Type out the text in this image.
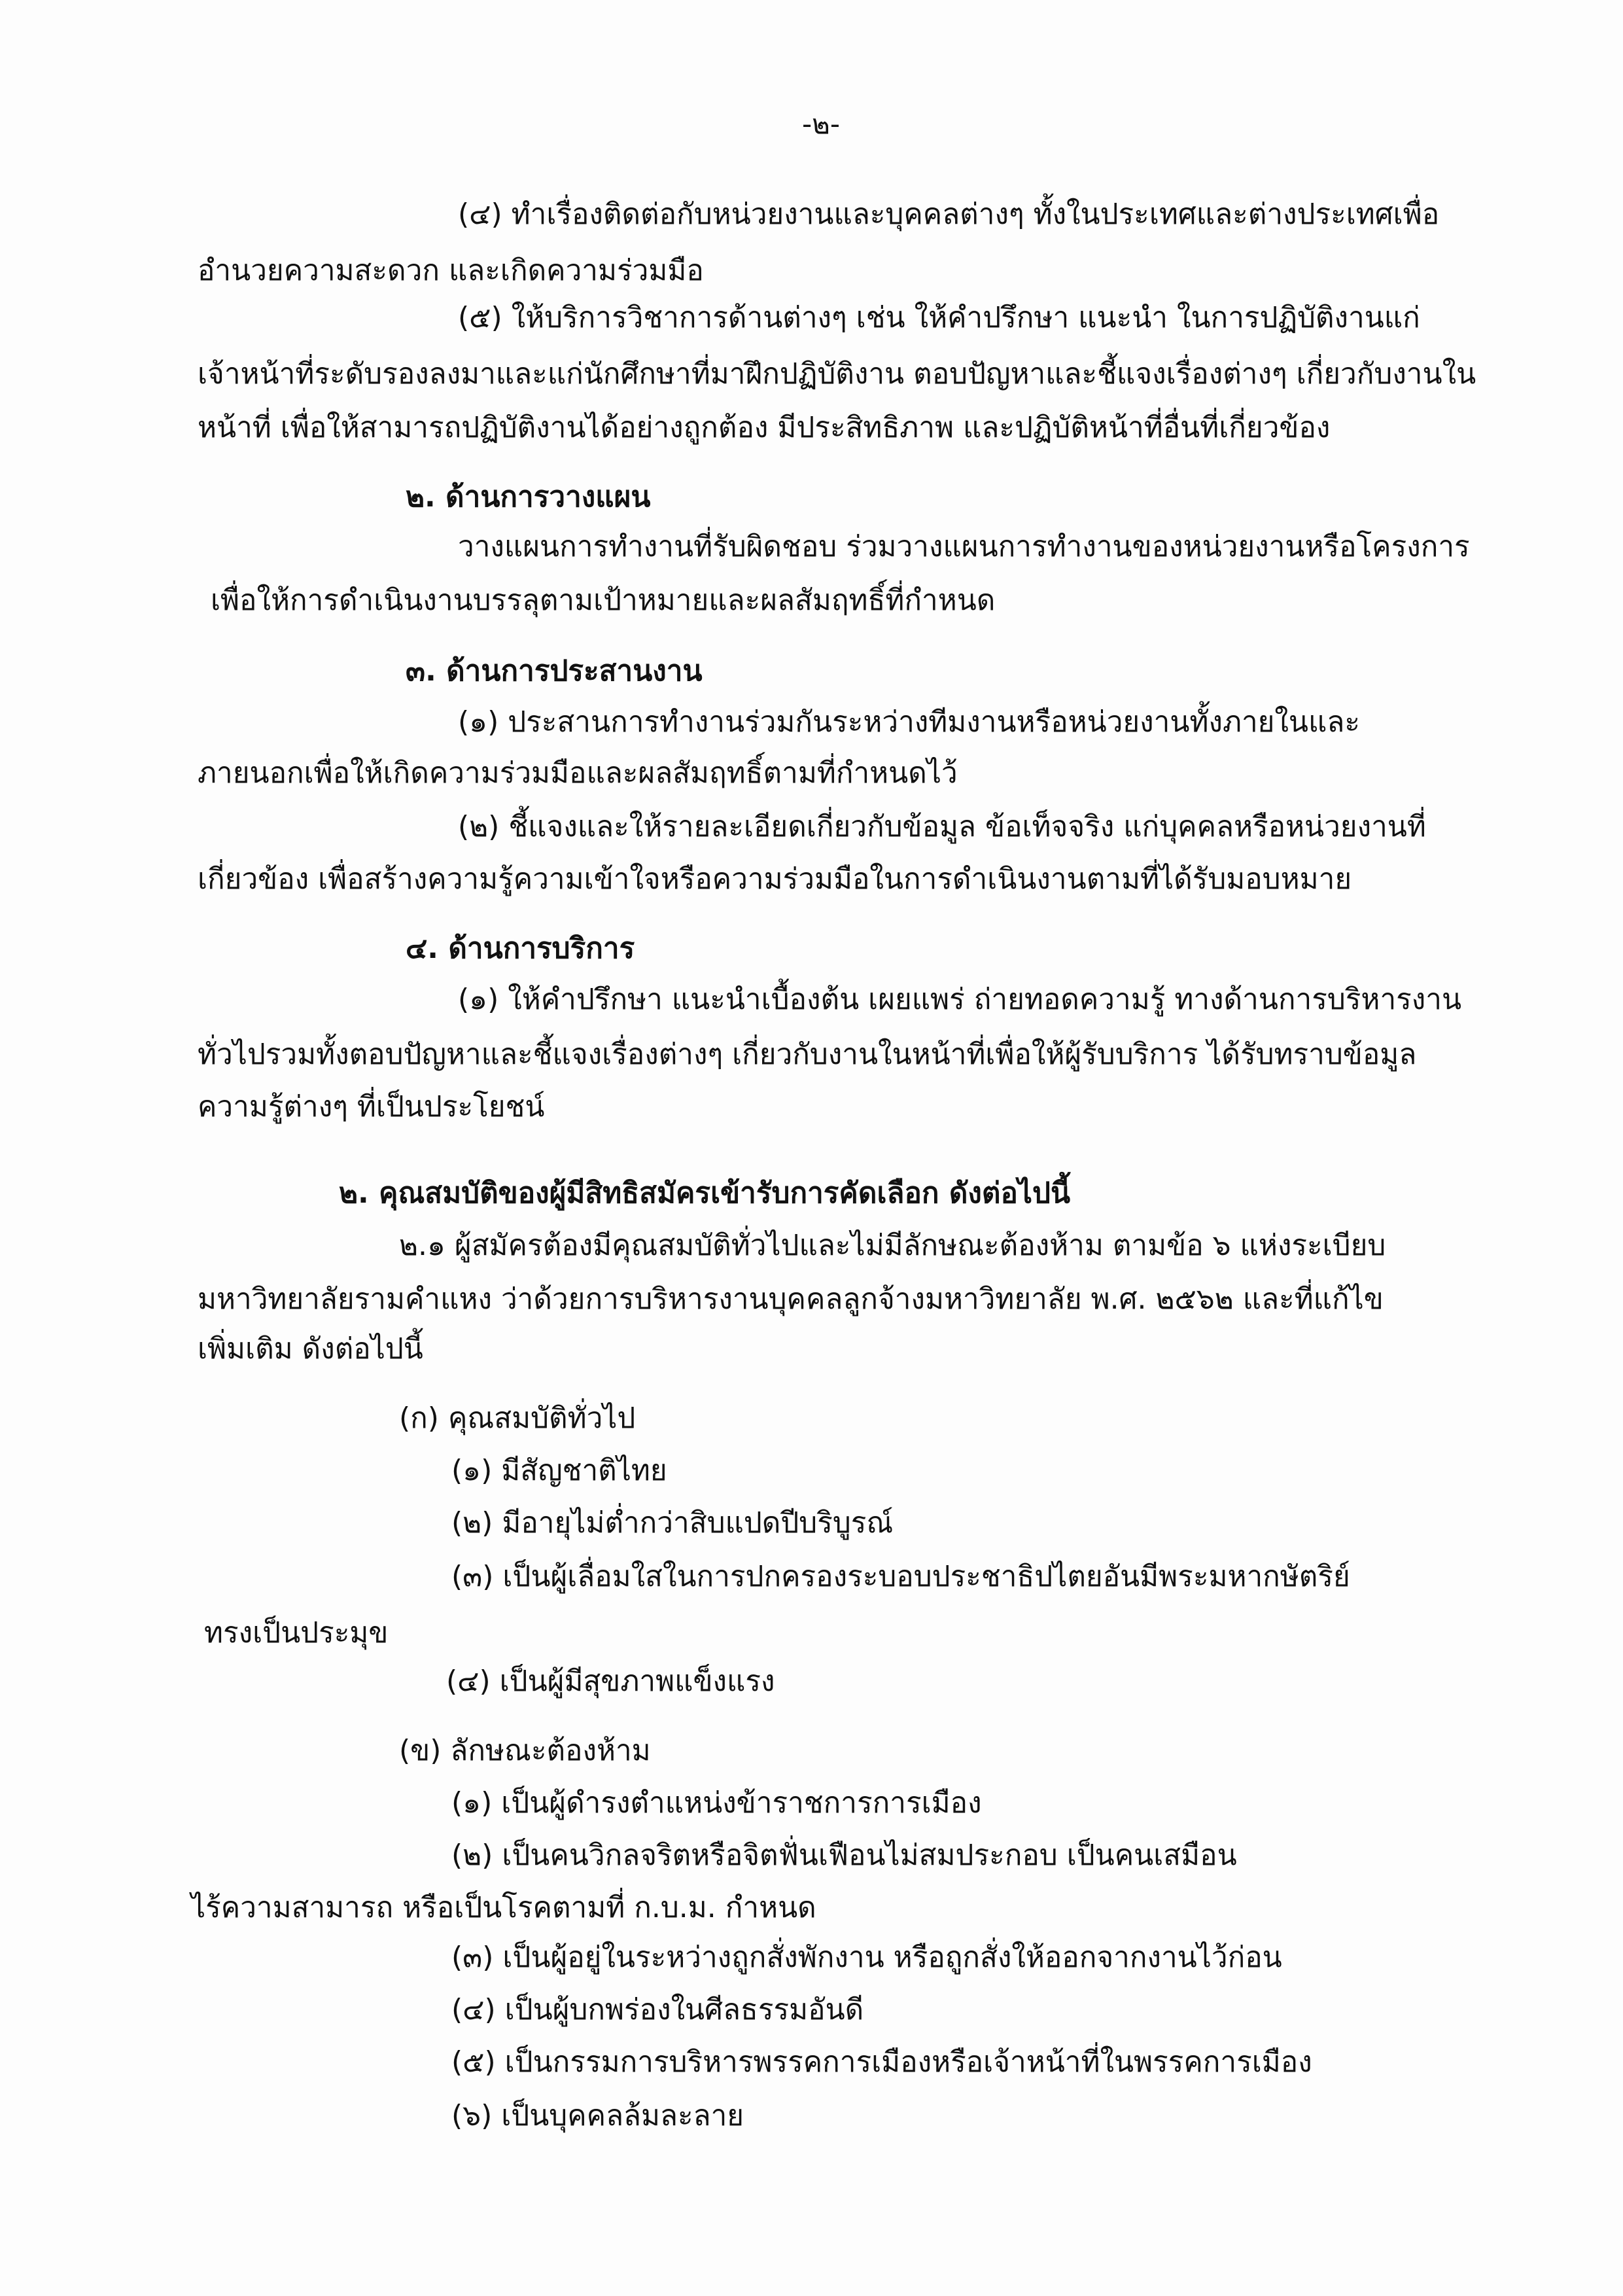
-๒-
(๔) ทำเรื่องติดต่อกับหน่วยงานและบุคคลต่างๆ ทั้งในประเทศและต่างประเทศเพื่อ
อำนวยความสะดวก และเกิดความร่วมมือ
(๕) ให้บริการวิชาการด้านต่างๆ เช่น ให้คำปรึกษา แนะนำ ในการปฏิบัติงานแก่
เจ้าหน้าที่ระดับรองลงมาและแก่นักศึกษาที่มาฝึกปฏิบัติงาน ตอบปัญหาและชี้แจงเรื่องต่างๆ เกี่ยวกับงานใน
หน้าที่ เพื่อให้สามารถปฏิบัติงานได้อย่างถูกต้อง มีประสิทธิภาพ และปฏิบัติหน้าที่อื่นที่เกี่ยวข้อง
๒. ด้านการวางแผน
วางแผนการทำงานที่รับผิดชอบ ร่วมวางแผนการทำงานของหน่วยงานหรือโครงการ
เพื่อให้การดำเนินงานบรรลุตามเป้าหมายและผลสัมฤทธิ์ที่กำหนด
๓. ด้านการประสานงาน
(๑) ประสานการทำงานร่วมกันระหว่างทีมงานหรือหน่วยงานทั้งภายในและ
ภายนอกเพื่อให้เกิดความร่วมมือและผลสัมฤทธิ์ตามที่กำหนดไว้
(๒) ชี้แจงและให้รายละเอียดเกี่ยวกับข้อมูล ข้อเท็จจริง แก่บุคคลหรือหน่วยงานที่
เกี่ยวข้อง เพื่อสร้างความรู้ความเข้าใจหรือความร่วมมือในการดำเนินงานตามที่ได้รับมอบหมาย
๔. ด้านการบริการ
(๑) ให้คำปรึกษา แนะนำเบื้องต้น เผยแพร่ ถ่ายทอดความรู้ ทางด้านการบริหารงาน
ทั่วไปรวมทั้งตอบปัญหาและชี้แจงเรื่องต่างๆ เกี่ยวกับงานในหน้าที่เพื่อให้ผู้รับบริการ ได้รับทราบข้อมูล
ความรู้ต่างๆ ที่เป็นประโยชน์
๒. คุณสมบัติของผู้มีสิทธิสมัครเข้ารับการคัดเลือก ดังต่อไปนี้
๒.๑ ผู้สมัครต้องมีคุณสมบัติทั่วไปและไม่มีลักษณะต้องห้าม ตามข้อ ๖ แห่งระเบียบ
มหาวิทยาลัยรามคำแหง ว่าด้วยการบริหารงานบุคคลลูกจ้างมหาวิทยาลัย พ.ศ. ๒๕๖๒ และที่แก้ไข
เพิ่มเติม ดังต่อไปนี้
(ก) คุณสมบัติทั่วไป
(๑) มีสัญชาติไทย
(๒) มีอายุไม่ต่ำกว่าสิบแปดปีบริบูรณ์
(๓) เป็นผู้เลื่อมใสในการปกครองระบอบประชาธิปไตยอันมีพระมหากษัตริย์
ทรงเป็นประมุข
(๔) เป็นผู้มีสุขภาพแข็งแรง
(ข) ลักษณะต้องห้าม
(๑) เป็นผู้ดำรงตำแหน่งข้าราชการการเมือง
(๒) เป็นคนวิกลจริตหรือจิตฟั่นเฟือนไม่สมประกอบ เป็นคนเสมือน
ไร้ความสามารถ หรือเป็นโรคตามที่ ก.บ.ม. กำหนด
(๓) เป็นผู้อยู่ในระหว่างถูกสั่งพักงาน หรือถูกสั่งให้ออกจากงานไว้ก่อน
(๔) เป็นผู้บกพร่องในศีลธรรมอันดี
(๕) เป็นกรรมการบริหารพรรคการเมืองหรือเจ้าหน้าที่ในพรรคการเมือง
(๖) เป็นบุคคลล้มละลาย
